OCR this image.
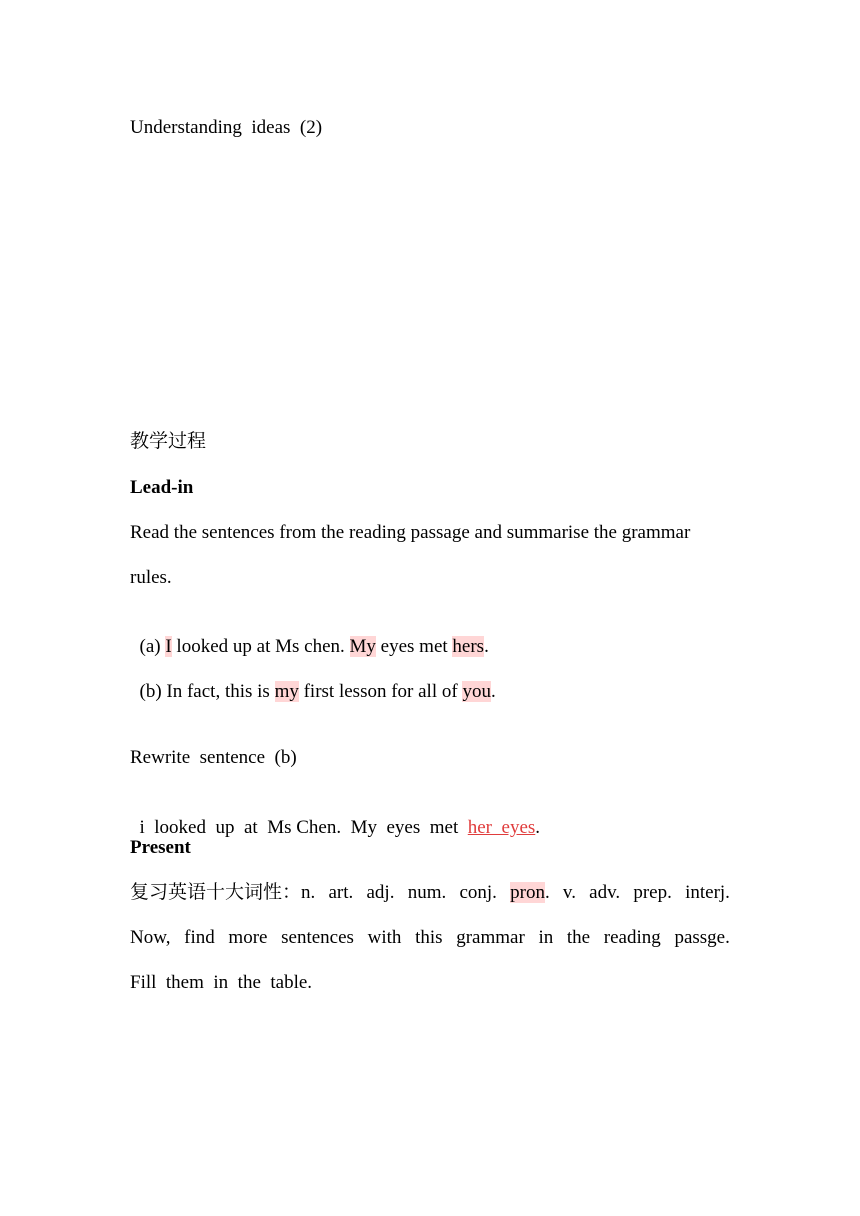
Understanding  ideas  (2)
教学过程
Lead-in
Read the sentences from the reading passage and summarise the grammar
rules.

(a) I looked up at Ms chen. My eyes met hers.

(b) In fact, this is my first lesson for all of you.

Rewrite  sentence  (b)

i  looked  up  at  Ms Chen.  My  eyes  met  her  eyes.

Present
复习英语十大词性：n. art. adj. num. conj. pron. v. adv. prep. interj.
Now, find more sentences with this grammar in the reading passge.
Fill  them  in  the  table.
